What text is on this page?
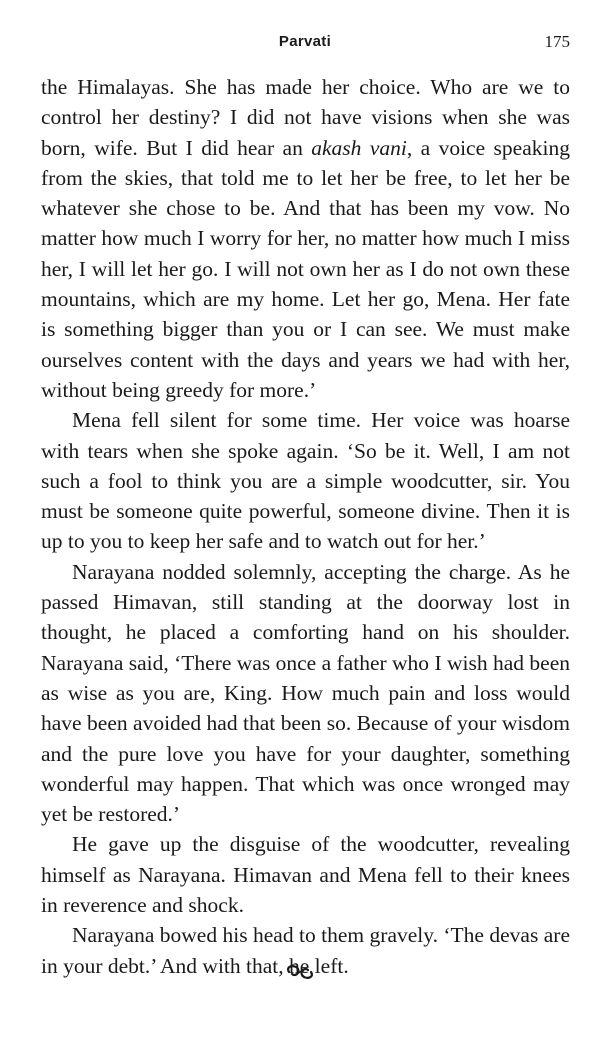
Parvati	175

the Himalayas. She has made her choice. Who are we to control her destiny? I did not have visions when she was born, wife. But I did hear an akash vani, a voice speaking from the skies, that told me to let her be free, to let her be whatever she chose to be. And that has been my vow. No matter how much I worry for her, no matter how much I miss her, I will let her go. I will not own her as I do not own these mountains, which are my home. Let her go, Mena. Her fate is something bigger than you or I can see. We must make ourselves content with the days and years we had with her, without being greedy for more.’

Mena fell silent for some time. Her voice was hoarse with tears when she spoke again. ‘So be it. Well, I am not such a fool to think you are a simple woodcutter, sir. You must be someone quite powerful, someone divine. Then it is up to you to keep her safe and to watch out for her.’

Narayana nodded solemnly, accepting the charge. As he passed Himavan, still standing at the doorway lost in thought, he placed a comforting hand on his shoulder. Narayana said, ‘There was once a father who I wish had been as wise as you are, King. How much pain and loss would have been avoided had that been so. Because of your wisdom and the pure love you have for your daughter, something wonderful may happen. That which was once wronged may yet be restored.’

He gave up the disguise of the woodcutter, revealing himself as Narayana. Himavan and Mena fell to their knees in reverence and shock.

Narayana bowed his head to them gravely. ‘The devas are in your debt.’ And with that, he left.
